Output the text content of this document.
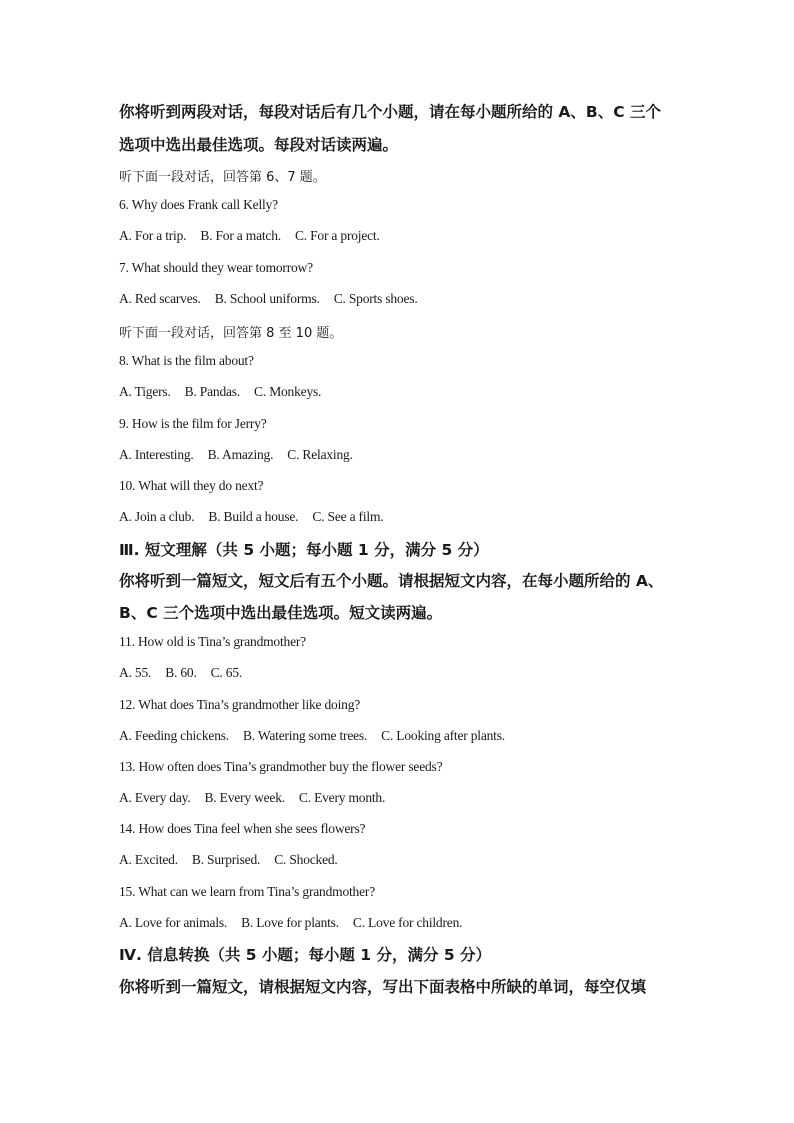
你将听到两段对话，每段对话后有几个小题，请在每小题所给的 A、B、C 三个
选项中选出最佳选项。每段对话读两遍。
听下面一段对话，回答第 6、7 题。
6. Why does Frank call Kelly?
A. For a trip. B. For a match. C. For a project.
7. What should they wear tomorrow?
A. Red scarves. B. School uniforms. C. Sports shoes.
听下面一段对话，回答第 8 至 10 题。
8. What is the film about?
A. Tigers. B. Pandas. C. Monkeys.
9. How is the film for Jerry?
A. Interesting. B. Amazing. C. Relaxing.
10. What will they do next?
A. Join a club. B. Build a house. C. See a film.
Ⅲ. 短文理解（共 5 小题；每小题 1 分，满分 5 分）
你将听到一篇短文，短文后有五个小题。请根据短文内容，在每小题所给的 A、
B、C 三个选项中选出最佳选项。短文读两遍。
11. How old is Tina’s grandmother?
A. 55. B. 60. C. 65.
12. What does Tina’s grandmother like doing?
A. Feeding chickens. B. Watering some trees. C. Looking after plants.
13. How often does Tina’s grandmother buy the flower seeds?
A. Every day. B. Every week. C. Every month.
14. How does Tina feel when she sees flowers?
A. Excited. B. Surprised. C. Shocked.
15. What can we learn from Tina’s grandmother?
A. Love for animals. B. Love for plants. C. Love for children.
Ⅳ. 信息转换（共 5 小题；每小题 1 分，满分 5 分）
你将听到一篇短文，请根据短文内容，写出下面表格中所缺的单词，每空仅填
